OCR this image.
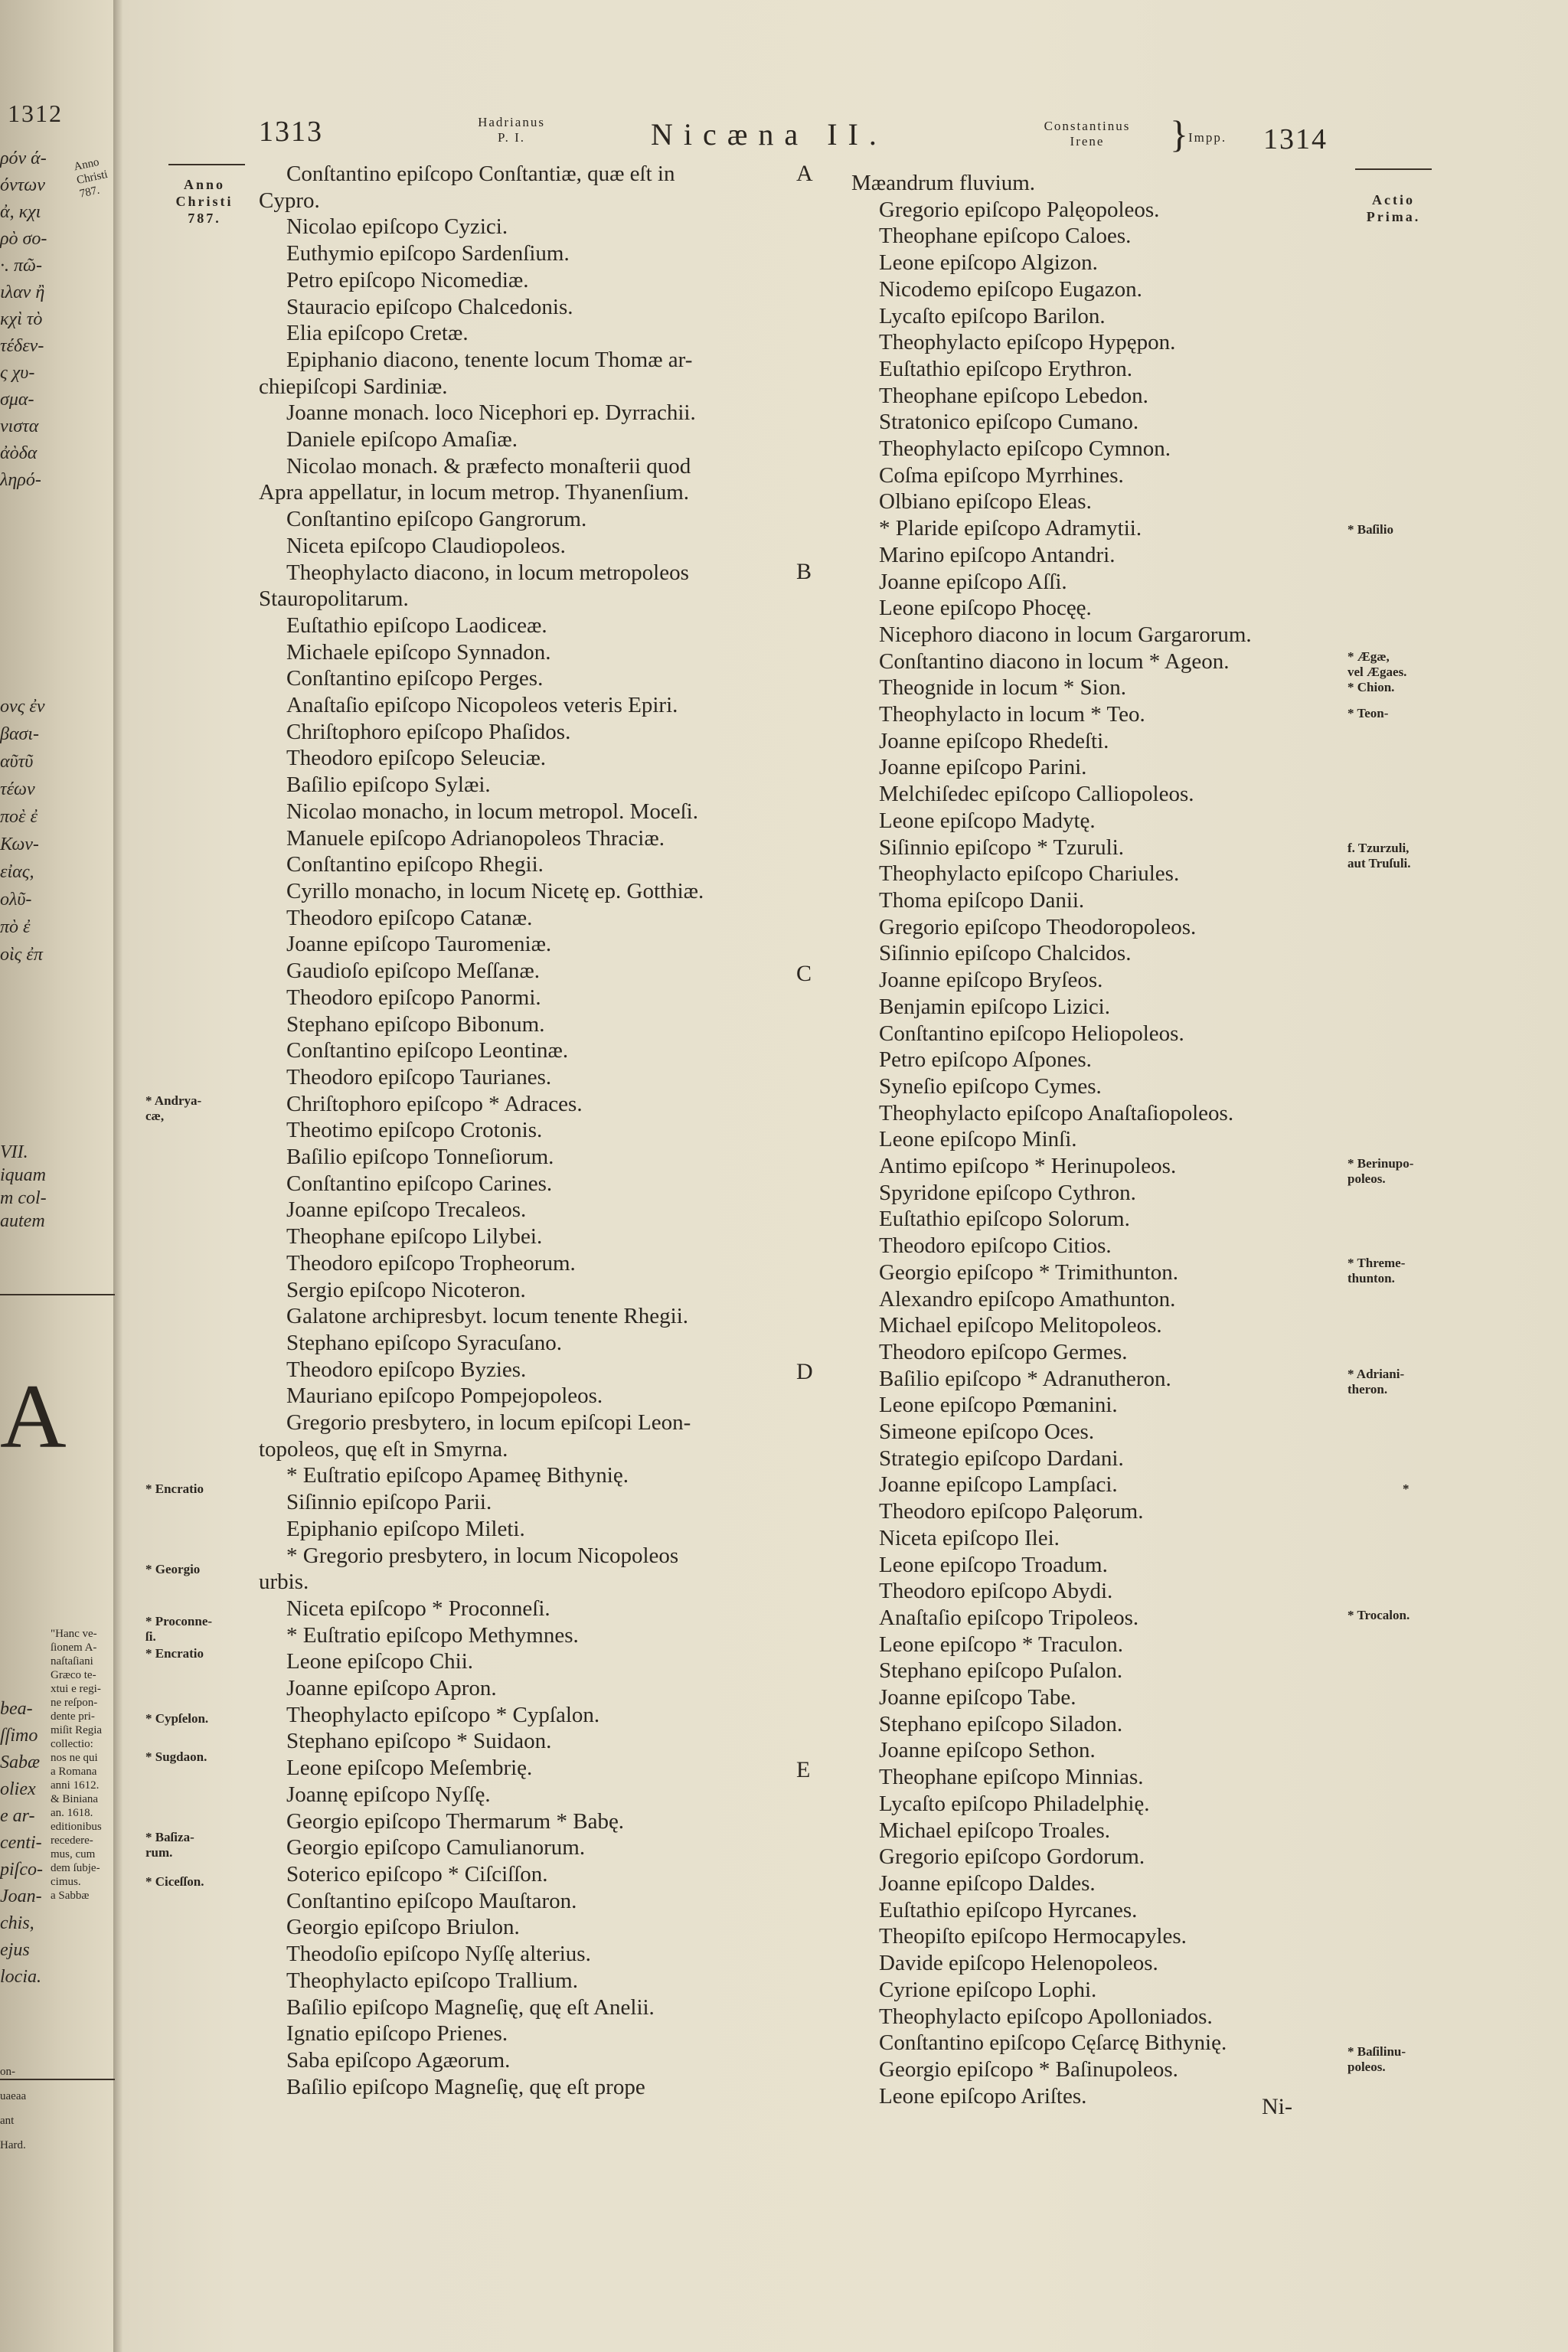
1312
ρόν ά-
όντων
ἀ, κχι
ρὸ σο-
·. πῶ-
ιλαν ἢ
κχὶ τὸ
τέδεν-
ς χυ-
σμα-
νιστα
ἀὸδα
ληρό-
ονς ἐν
βασι-
αῦτῦ
τέων
ποὲ ἐ
Κων-
εἰας,
ολῦ-
πὸ ἐ
οὶς ἐπ
VII.
iquam
m col-
autem
A
bea-
ſſimo
Sabæ
oliex
e ar-
centi-
piſco-
Joan-
chis,
ejus
locia.
"Hanc ve-
ſionem A-
naſtaſiani
Græco te-
xtui e regi-
ne reſpon-
dente pri-
miſit Regia
collectio:
nos ne qui
a Romana
anni 1612.
& Biniana
an. 1618.
editionibus
recedere-
mus, cum
dem ſubje-
cimus.
a Sabbæ
Anno
Christi
787.
on-
uaeaa
ant
Hard.
1313	Hadrianus
P. I.	Nicæna II.	Constantinus
Irene	} Impp. 1314
Anno
Christi
787.
* Andrya-
cæ,
* Encratio
* Georgio
* Proconne-
ſi.
* Encratio
* Cypſelon.
* Sugdaon.
* Baſiza-
rum.
* Ciceſſon.
Conſtantino epiſcopo Conſtantiæ, quæ eſt in
Cypro.
Nicolao epiſcopo Cyzici.
Euthymio epiſcopo Sardenſium.
Petro epiſcopo Nicomediæ.
Stauracio epiſcopo Chalcedonis.
Elia epiſcopo Cretæ.
Epiphanio diacono, tenente locum Thomæ ar-
chiepiſcopi Sardiniæ.
Joanne monach. loco Nicephori ep. Dyrrachii.
Daniele epiſcopo Amaſiæ.
Nicolao monach. & præfecto monaſterii quod
Apra appellatur, in locum metrop. Thyanenſium.
Conſtantino epiſcopo Gangrorum.
Niceta epiſcopo Claudiopoleos.
Theophylacto diacono, in locum metropoleos
Stauropolitarum.
Euſtathio epiſcopo Laodiceæ.
Michaele epiſcopo Synnadon.
Conſtantino epiſcopo Perges.
Anaſtaſio epiſcopo Nicopoleos veteris Epiri.
Chriſtophoro epiſcopo Phaſidos.
Theodoro epiſcopo Seleuciæ.
Baſilio epiſcopo Sylæi.
Nicolao monacho, in locum metropol. Moceſi.
Manuele epiſcopo Adrianopoleos Thraciæ.
Conſtantino epiſcopo Rhegii.
Cyrillo monacho, in locum Nicetę ep. Gotthiæ.
Theodoro epiſcopo Catanæ.
Joanne epiſcopo Tauromeniæ.
Gaudioſo epiſcopo Meſſanæ.
Theodoro epiſcopo Panormi.
Stephano epiſcopo Bibonum.
Conſtantino epiſcopo Leontinæ.
Theodoro epiſcopo Taurianes.
Chriſtophoro epiſcopo * Adraces.
Theotimo epiſcopo Crotonis.
Baſilio epiſcopo Tonneſiorum.
Conſtantino epiſcopo Carines.
Joanne epiſcopo Trecaleos.
Theophane epiſcopo Lilybei.
Theodoro epiſcopo Tropheorum.
Sergio epiſcopo Nicoteron.
Galatone archipresbyt. locum tenente Rhegii.
Stephano epiſcopo Syracuſano.
Theodoro epiſcopo Byzies.
Mauriano epiſcopo Pompejopoleos.
Gregorio presbytero, in locum epiſcopi Leon-
topoleos, quę eſt in Smyrna.
* Euſtratio epiſcopo Apameę Bithynię.
Siſinnio epiſcopo Parii.
Epiphanio epiſcopo Mileti.
* Gregorio presbytero, in locum Nicopoleos
urbis.
Niceta epiſcopo * Proconneſi.
* Euſtratio epiſcopo Methymnes.
Leone epiſcopo Chii.
Joanne epiſcopo Apron.
Theophylacto epiſcopo * Cypſalon.
Stephano epiſcopo * Suidaon.
Leone epiſcopo Meſembrię.
Joannę epiſcopo Nyſſę.
Georgio epiſcopo Thermarum * Babę.
Georgio epiſcopo Camulianorum.
Soterico epiſcopo * Ciſciſſon.
Conſtantino epiſcopo Mauſtaron.
Georgio epiſcopo Briulon.
Theodoſio epiſcopo Nyſſę alterius.
Theophylacto epiſcopo Trallium.
Baſilio epiſcopo Magneſię, quę eſt Anelii.
Ignatio epiſcopo Prienes.
Saba epiſcopo Agæorum.
Baſilio epiſcopo Magneſię, quę eſt prope
A
B
C
D
E
Mæandrum fluvium.
Gregorio epiſcopo Palęopoleos.
Theophane epiſcopo Caloes.
Leone epiſcopo Algizon.
Nicodemo epiſcopo Eugazon.
Lycaſto epiſcopo Barilon.
Theophylacto epiſcopo Hypępon.
Euſtathio epiſcopo Erythron.
Theophane epiſcopo Lebedon.
Stratonico epiſcopo Cumano.
Theophylacto epiſcopo Cymnon.
Coſma epiſcopo Myrrhines.
Olbiano epiſcopo Eleas.
* Plaride epiſcopo Adramytii.
Marino epiſcopo Antandri.
Joanne epiſcopo Aſſi.
Leone epiſcopo Phocęę.
Nicephoro diacono in locum Gargarorum.
Conſtantino diacono in locum * Ageon.
Theognide in locum * Sion.
Theophylacto in locum * Teo.
Joanne epiſcopo Rhedeſti.
Joanne epiſcopo Parini.
Melchiſedec epiſcopo Calliopoleos.
Leone epiſcopo Madytę.
Siſinnio epiſcopo * Tzuruli.
Theophylacto epiſcopo Chariules.
Thoma epiſcopo Danii.
Gregorio epiſcopo Theodoropoleos.
Siſinnio epiſcopo Chalcidos.
Joanne epiſcopo Bryſeos.
Benjamin epiſcopo Lizici.
Conſtantino epiſcopo Heliopoleos.
Petro epiſcopo Aſpones.
Syneſio epiſcopo Cymes.
Theophylacto epiſcopo Anaſtaſiopoleos.
Leone epiſcopo Minſi.
Antimo epiſcopo * Herinupoleos.
Spyridone epiſcopo Cythron.
Euſtathio epiſcopo Solorum.
Theodoro epiſcopo Citios.
Georgio epiſcopo * Trimithunton.
Alexandro epiſcopo Amathunton.
Michael epiſcopo Melitopoleos.
Theodoro epiſcopo Germes.
Baſilio epiſcopo * Adranutheron.
Leone epiſcopo Pœmanini.
Simeone epiſcopo Oces.
Strategio epiſcopo Dardani.
Joanne epiſcopo Lampſaci.
Theodoro epiſcopo Palęorum.
Niceta epiſcopo Ilei.
Leone epiſcopo Troadum.
Theodoro epiſcopo Abydi.
Anaſtaſio epiſcopo Tripoleos.
Leone epiſcopo * Traculon.
Stephano epiſcopo Puſalon.
Joanne epiſcopo Tabe.
Stephano epiſcopo Siladon.
Joanne epiſcopo Sethon.
Theophane epiſcopo Minnias.
Lycaſto epiſcopo Philadelphię.
Michael epiſcopo Troales.
Gregorio epiſcopo Gordorum.
Joanne epiſcopo Daldes.
Euſtathio epiſcopo Hyrcanes.
Theopiſto epiſcopo Hermocapyles.
Davide epiſcopo Helenopoleos.
Cyrione epiſcopo Lophi.
Theophylacto epiſcopo Apolloniados.
Conſtantino epiſcopo Cęſarcę Bithynię.
Georgio epiſcopo * Baſinupoleos.
Leone epiſcopo Ariſtes.
Actio
Prima.
* Baſilio
* Ægæ,
vel Ægaes.
* Chion.
* Teon-
f. Tzurzuli,
aut Truſuli.
* Berinupo-
poleos.
* Threme-
thunton.
* Adriani-
theron.
*
* Trocalon.
* Baſilinu-
poleos.
Ni-
